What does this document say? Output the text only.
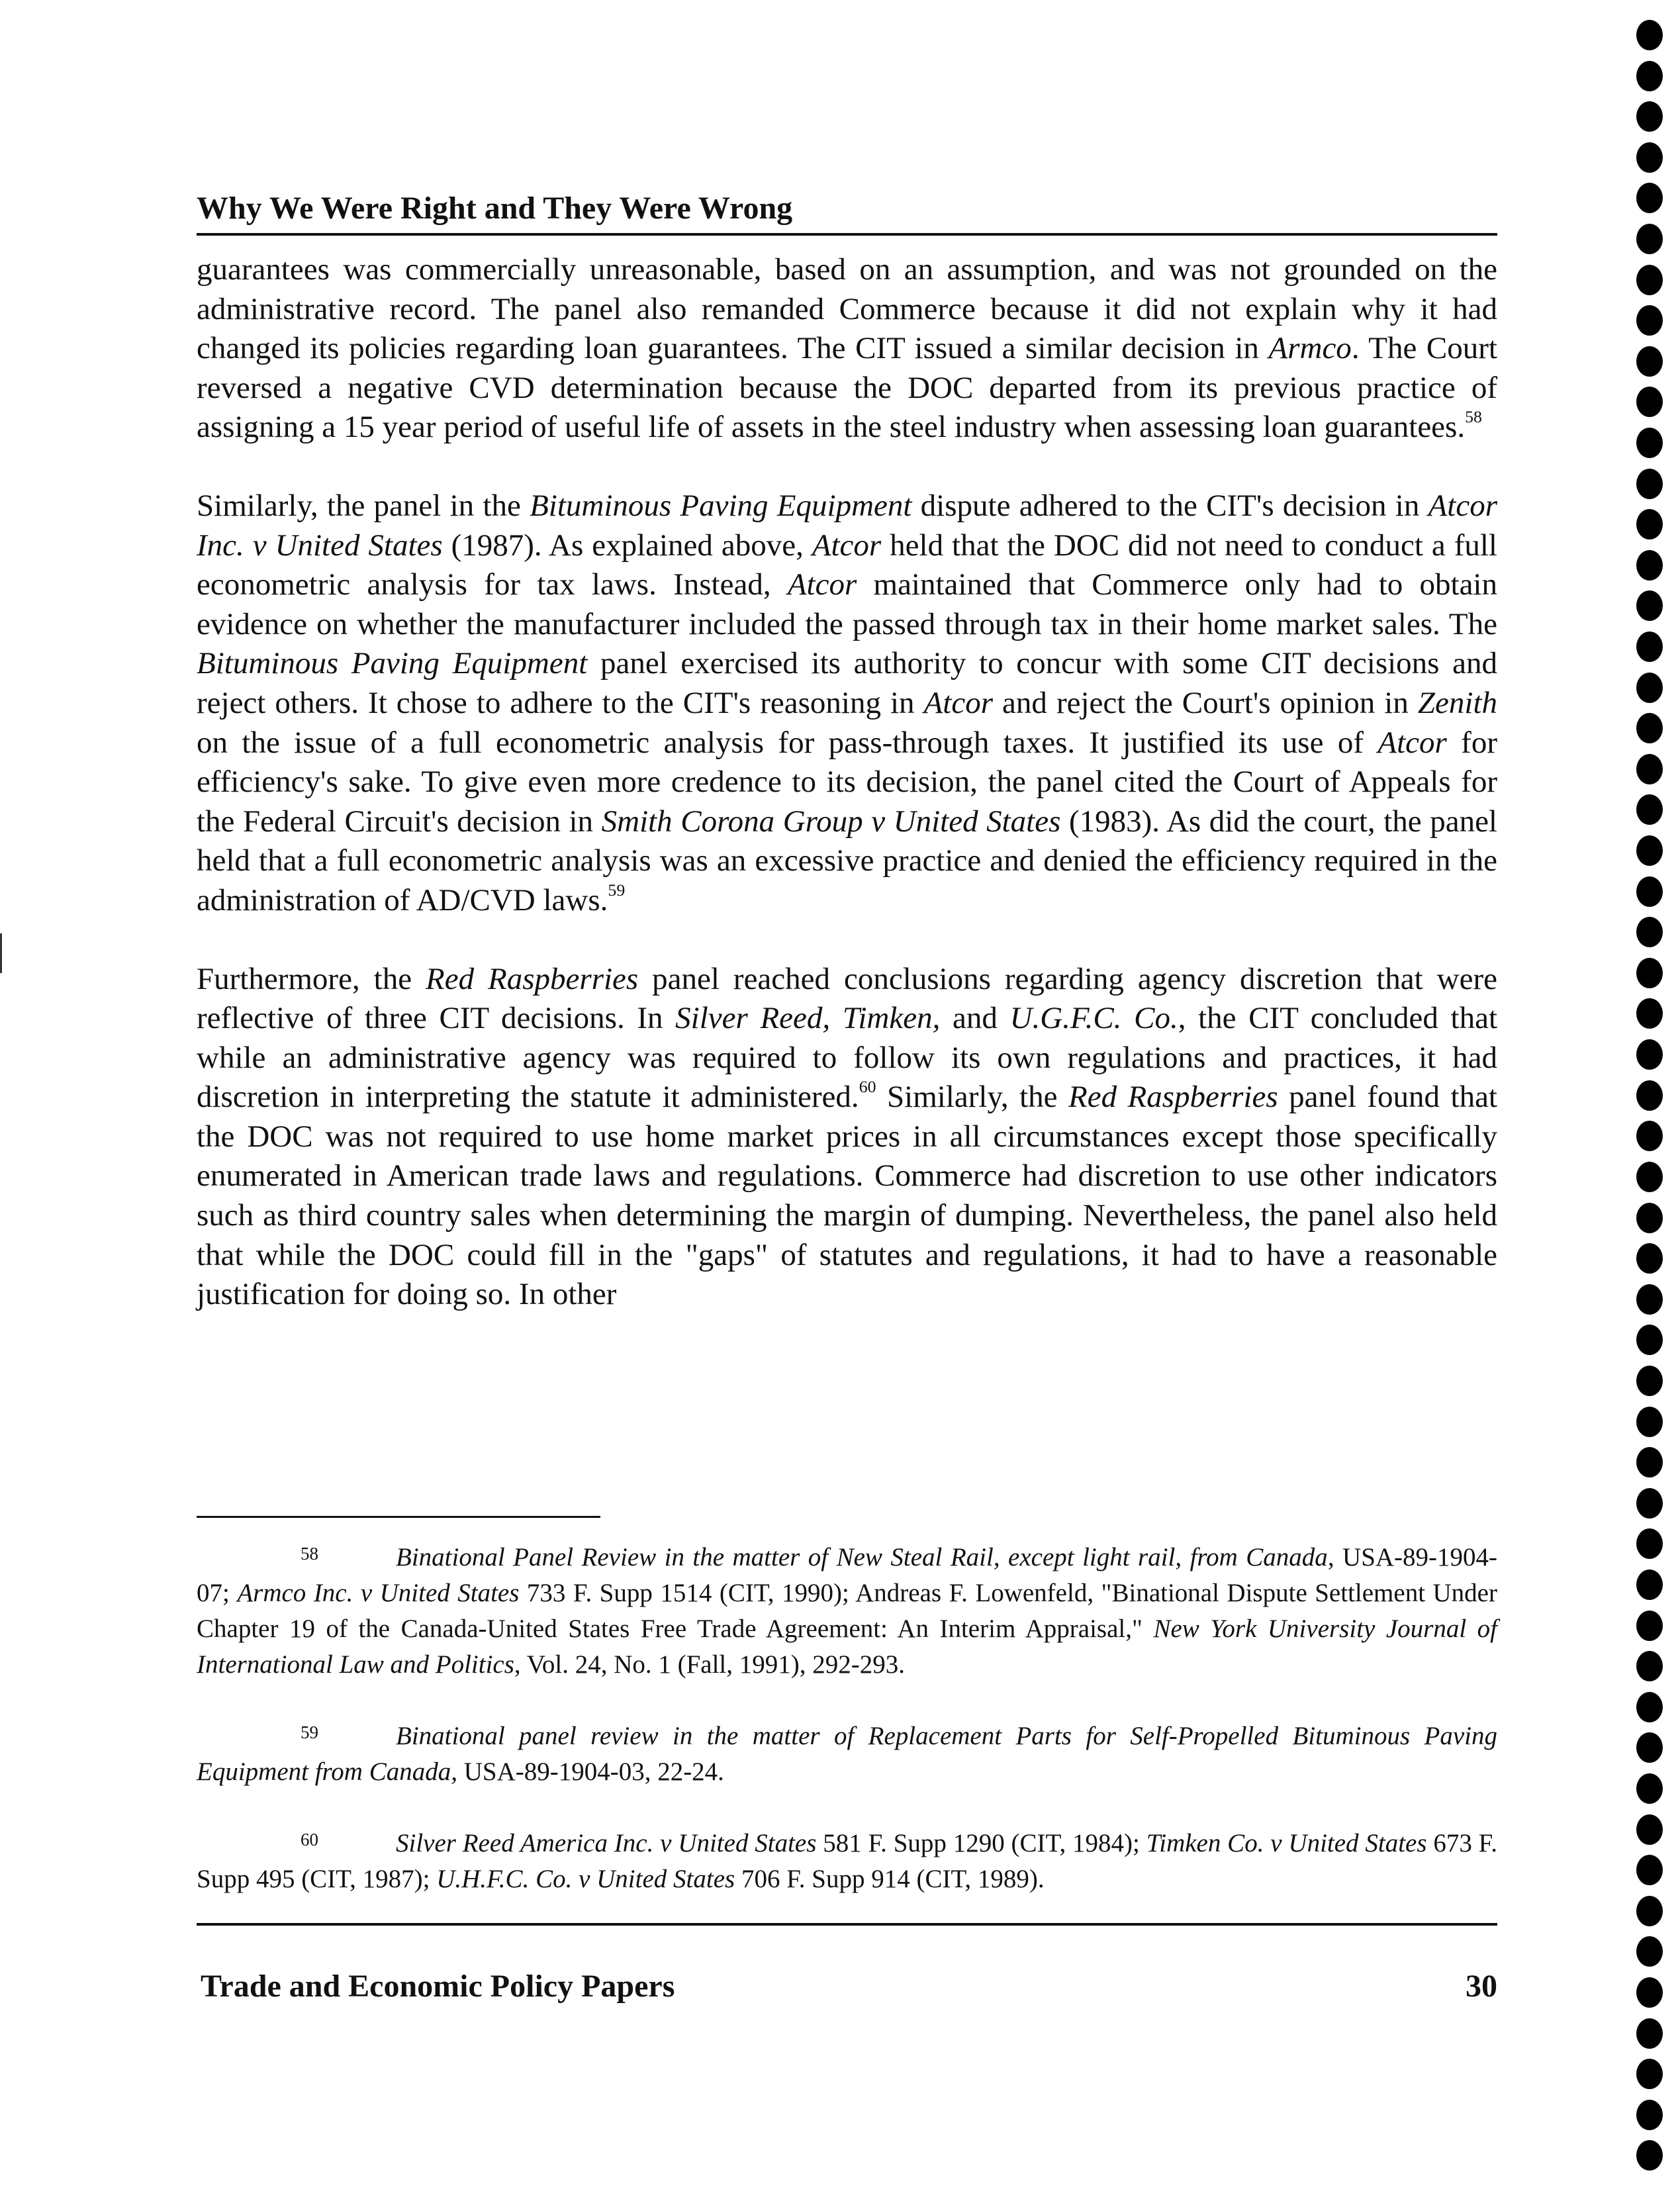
Why We Were Right and They Were Wrong

guarantees was commercially unreasonable, based on an assumption, and was not grounded on the administrative record. The panel also remanded Commerce because it did not explain why it had changed its policies regarding loan guarantees. The CIT issued a similar decision in Armco. The Court reversed a negative CVD determination because the DOC departed from its previous practice of assigning a 15 year period of useful life of assets in the steel industry when assessing loan guarantees.$^{58}$

Similarly, the panel in the Bituminous Paving Equipment dispute adhered to the CIT's decision in Atcor Inc. v United States (1987). As explained above, Atcor held that the DOC did not need to conduct a full econometric analysis for tax laws. Instead, Atcor maintained that Commerce only had to obtain evidence on whether the manufacturer included the passed through tax in their home market sales. The Bituminous Paving Equipment panel exercised its authority to concur with some CIT decisions and reject others. It chose to adhere to the CIT's reasoning in Atcor and reject the Court's opinion in Zenith on the issue of a full econometric analysis for pass-through taxes. It justified its use of Atcor for efficiency's sake. To give even more credence to its decision, the panel cited the Court of Appeals for the Federal Circuit's decision in Smith Corona Group v United States (1983). As did the court, the panel held that a full econometric analysis was an excessive practice and denied the efficiency required in the administration of AD/CVD laws.$^{59}$

Furthermore, the Red Raspberries panel reached conclusions regarding agency discretion that were reflective of three CIT decisions. In Silver Reed, Timken, and U.G.F.C. Co., the CIT concluded that while an administrative agency was required to follow its own regulations and practices, it had discretion in interpreting the statute it administered.$^{60}$ Similarly, the Red Raspberries panel found that the DOC was not required to use home market prices in all circumstances except those specifically enumerated in American trade laws and regulations. Commerce had discretion to use other indicators such as third country sales when determining the margin of dumping. Nevertheless, the panel also held that while the DOC could fill in the "gaps" of statutes and regulations, it had to have a reasonable justification for doing so. In other

58	Binational Panel Review in the matter of New Steal Rail, except light rail, from Canada, USA-89-1904-07; Armco Inc. v United States 733 F. Supp 1514 (CIT, 1990); Andreas F. Lowenfeld, "Binational Dispute Settlement Under Chapter 19 of the Canada-United States Free Trade Agreement: An Interim Appraisal," New York University Journal of International Law and Politics, Vol. 24, No. 1 (Fall, 1991), 292-293.
59	Binational panel review in the matter of Replacement Parts for Self-Propelled Bituminous Paving Equipment from Canada, USA-89-1904-03, 22-24.
60	Silver Reed America Inc. v United States 581 F. Supp 1290 (CIT, 1984); Timken Co. v United States 673 F. Supp 495 (CIT, 1987); U.H.F.C. Co. v United States 706 F. Supp 914 (CIT, 1989).
Trade and Economic Policy Papers	30
